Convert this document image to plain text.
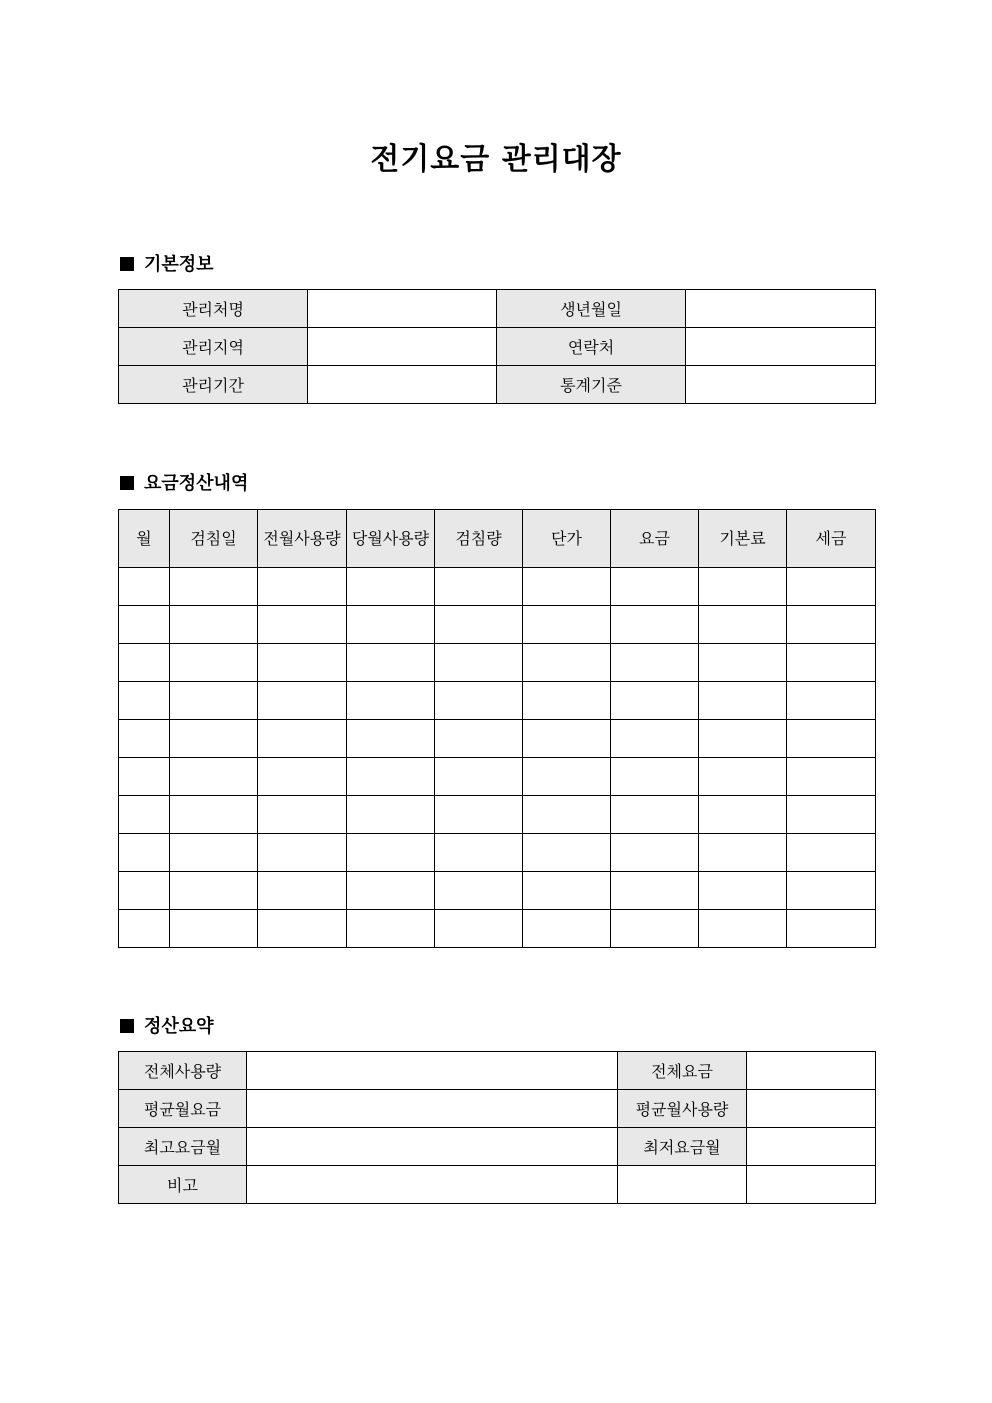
전기요금 관리대장
기본정보
관리처명		생년월일	
관리지역		연락처	
관리기간		통계기준	
요금정산내역
월	검침일	전월사용량	당월사용량	검침량	단가	요금	기본료	세금

정산요약
전체사용량		전체요금	
평균월요금		평균월사용량	
최고요금월		최저요금월	
비고			
